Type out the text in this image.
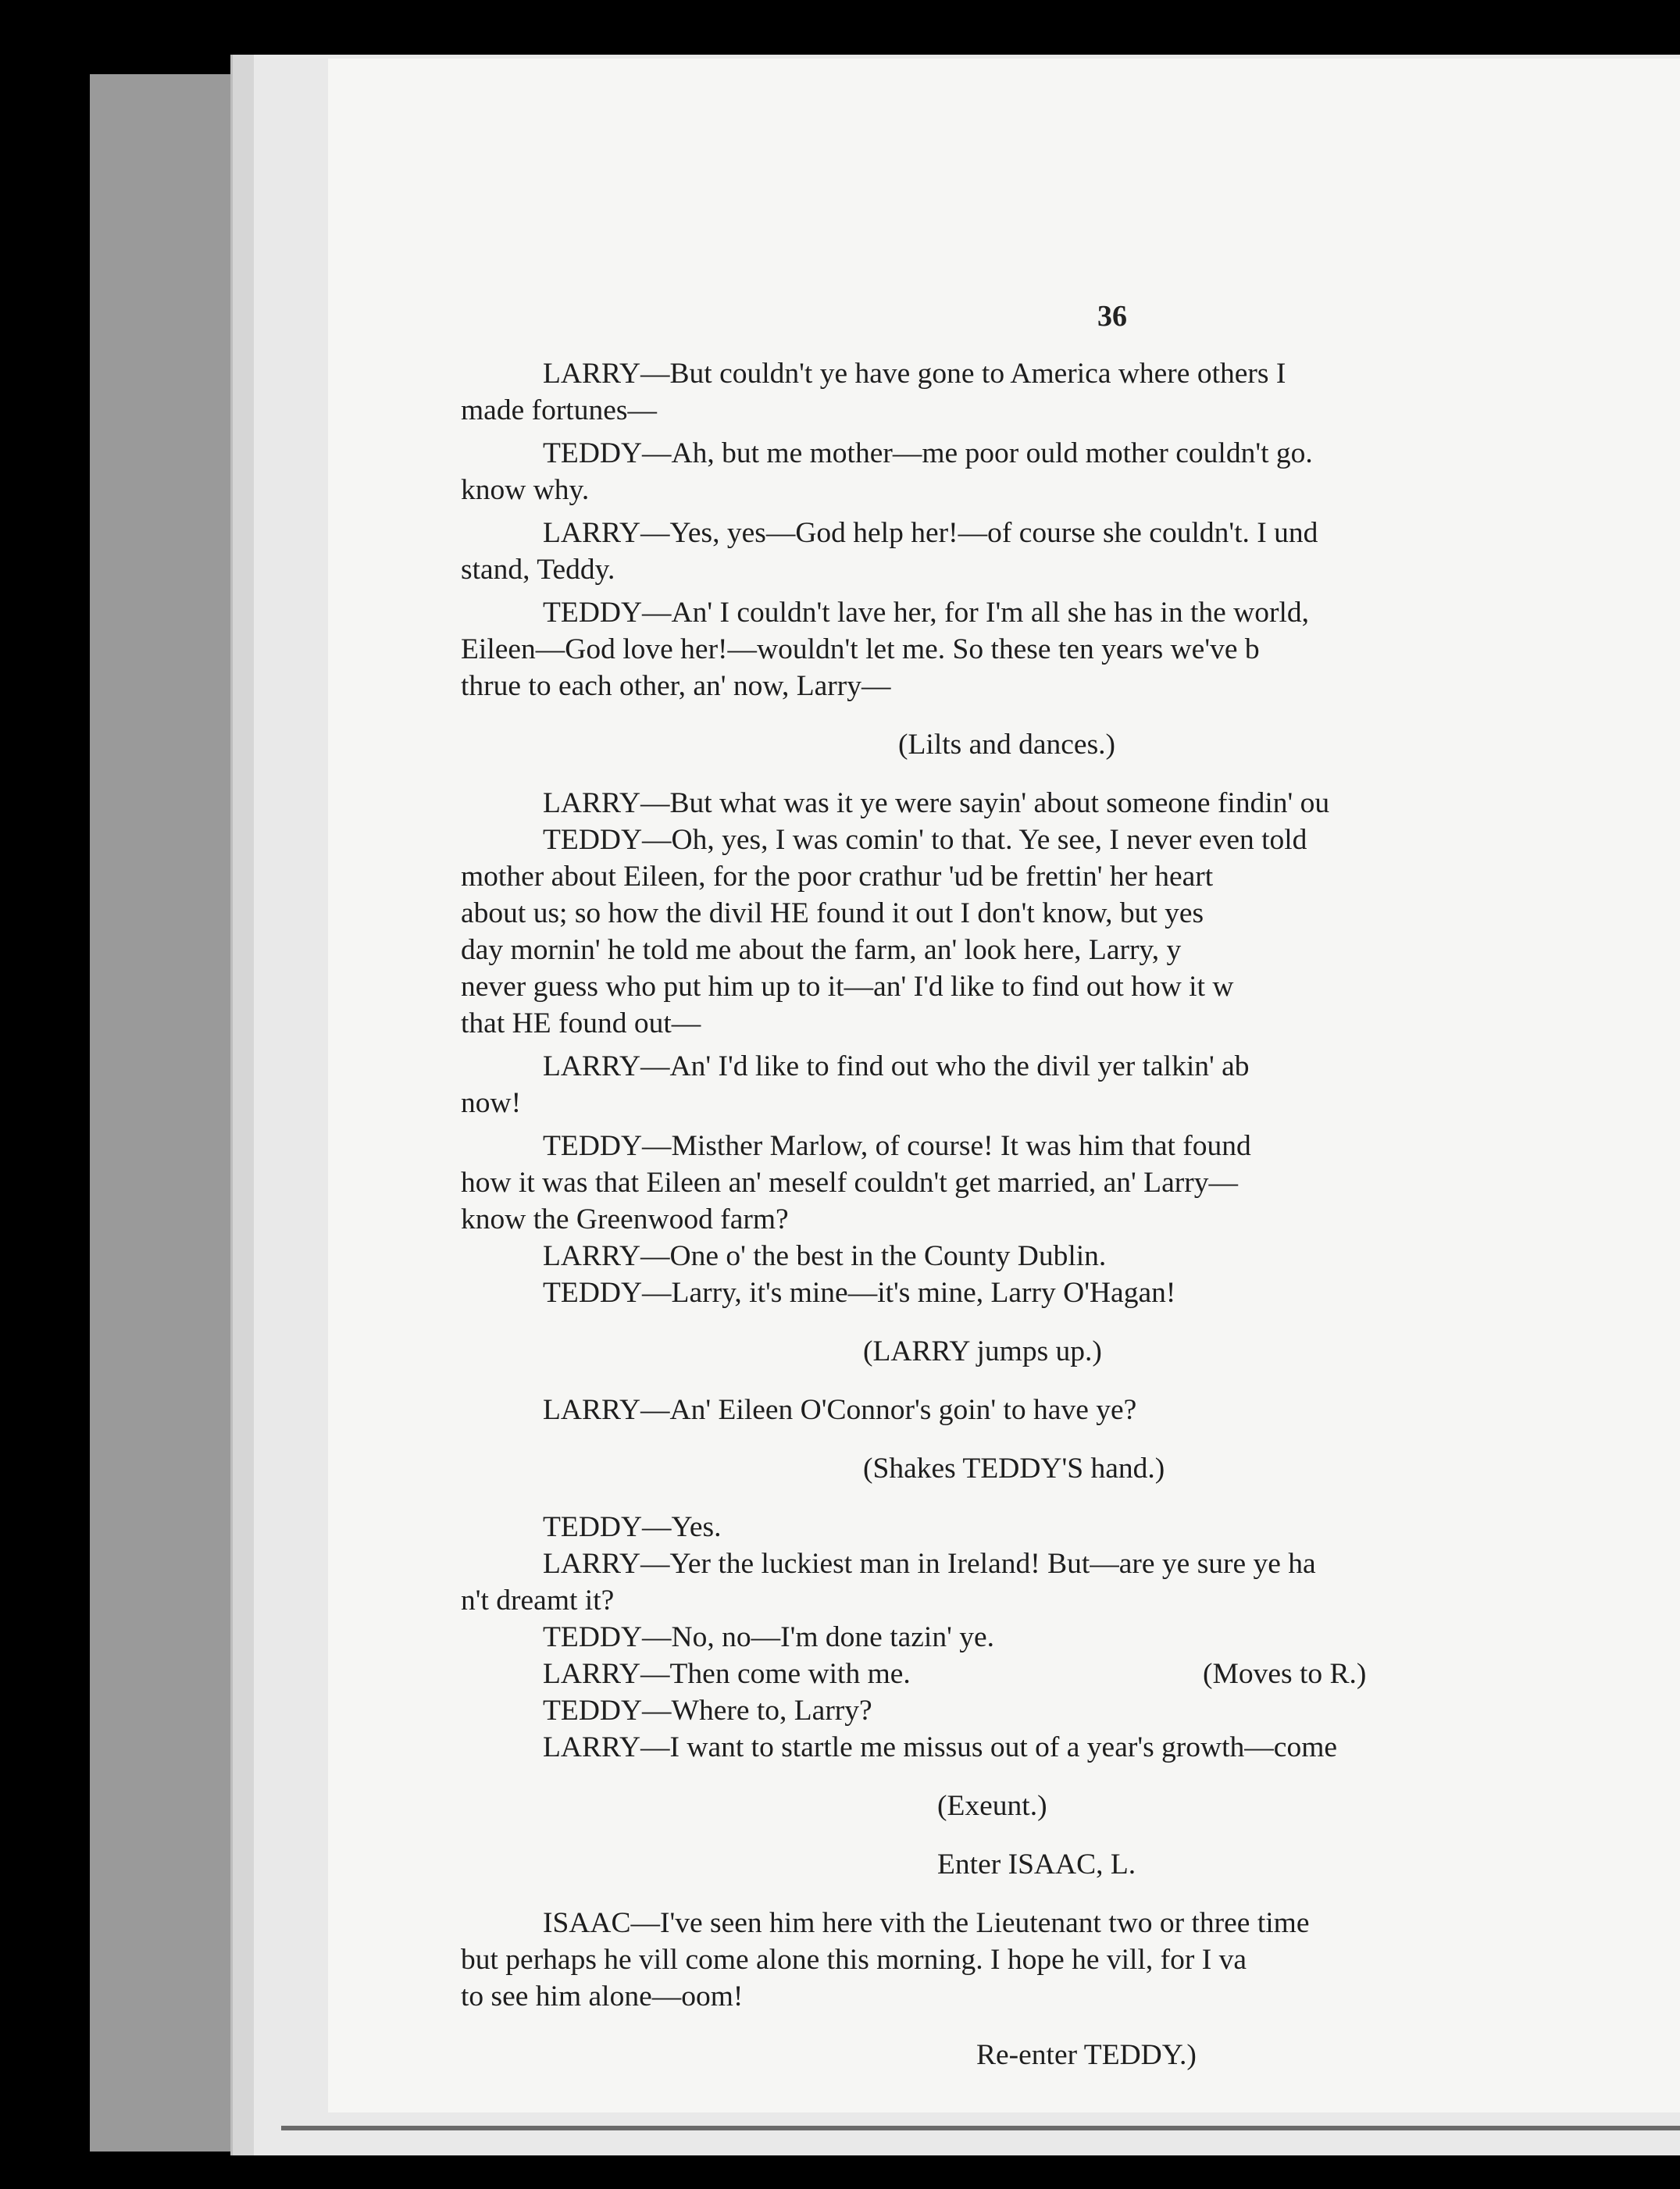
36

LARRY—But couldn't ye have gone to America where others I

made fortunes—

TEDDY—Ah, but me mother—me poor ould mother couldn't go.

know why.

LARRY—Yes, yes—God help her!—of course she couldn't. I und

stand, Teddy.

TEDDY—An' I couldn't lave her, for I'm all she has in the world,

Eileen—God love her!—wouldn't let me. So these ten years we've b

thrue to each other, an' now, Larry—

(Lilts and dances.)

LARRY—But what was it ye were sayin' about someone findin' ou

TEDDY—Oh, yes, I was comin' to that. Ye see, I never even told

mother about Eileen, for the poor crathur 'ud be frettin' her heart

about us; so how the divil HE found it out I don't know, but yes

day mornin' he told me about the farm, an' look here, Larry, y

never guess who put him up to it—an' I'd like to find out how it w

that HE found out—

LARRY—An' I'd like to find out who the divil yer talkin' ab

now!

TEDDY—Misther Marlow, of course! It was him that found

how it was that Eileen an' meself couldn't get married, an' Larry—

know the Greenwood farm?

LARRY—One o' the best in the County Dublin.

TEDDY—Larry, it's mine—it's mine, Larry O'Hagan!

(LARRY jumps up.)

LARRY—An' Eileen O'Connor's goin' to have ye?

(Shakes TEDDY'S hand.)

TEDDY—Yes.

LARRY—Yer the luckiest man in Ireland! But—are ye sure ye ha

n't dreamt it?

TEDDY—No, no—I'm done tazin' ye.

LARRY—Then come with me.	(Moves to R.)

TEDDY—Where to, Larry?

LARRY—I want to startle me missus out of a year's growth—come

(Exeunt.)

Enter ISAAC, L.

ISAAC—I've seen him here vith the Lieutenant two or three time

but perhaps he vill come alone this morning. I hope he vill, for I va

to see him alone—oom!

Re-enter TEDDY.)
